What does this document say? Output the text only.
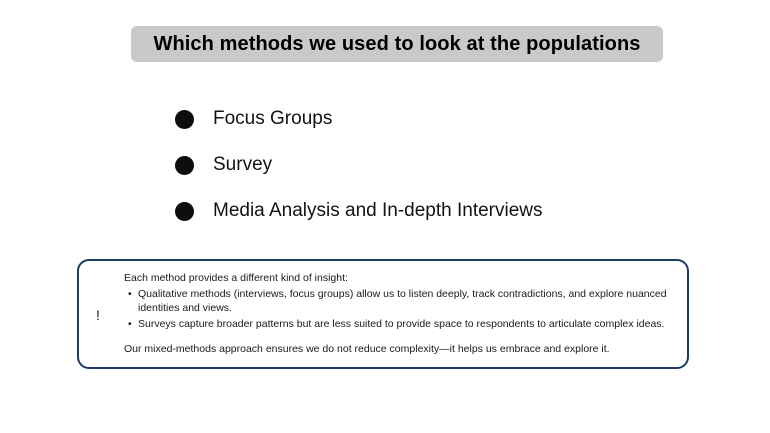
Which methods we used to look at the populations
Focus Groups
Survey
Media Analysis and In-depth Interviews
!

Each method provides a different kind of insight:

• Qualitative methods (interviews, focus groups) allow us to listen deeply, track contradictions, and explore nuanced identities and views.
• Surveys capture broader patterns but are less suited to provide space to respondents to articulate complex ideas.

Our mixed-methods approach ensures we do not reduce complexity—it helps us embrace and explore it.
